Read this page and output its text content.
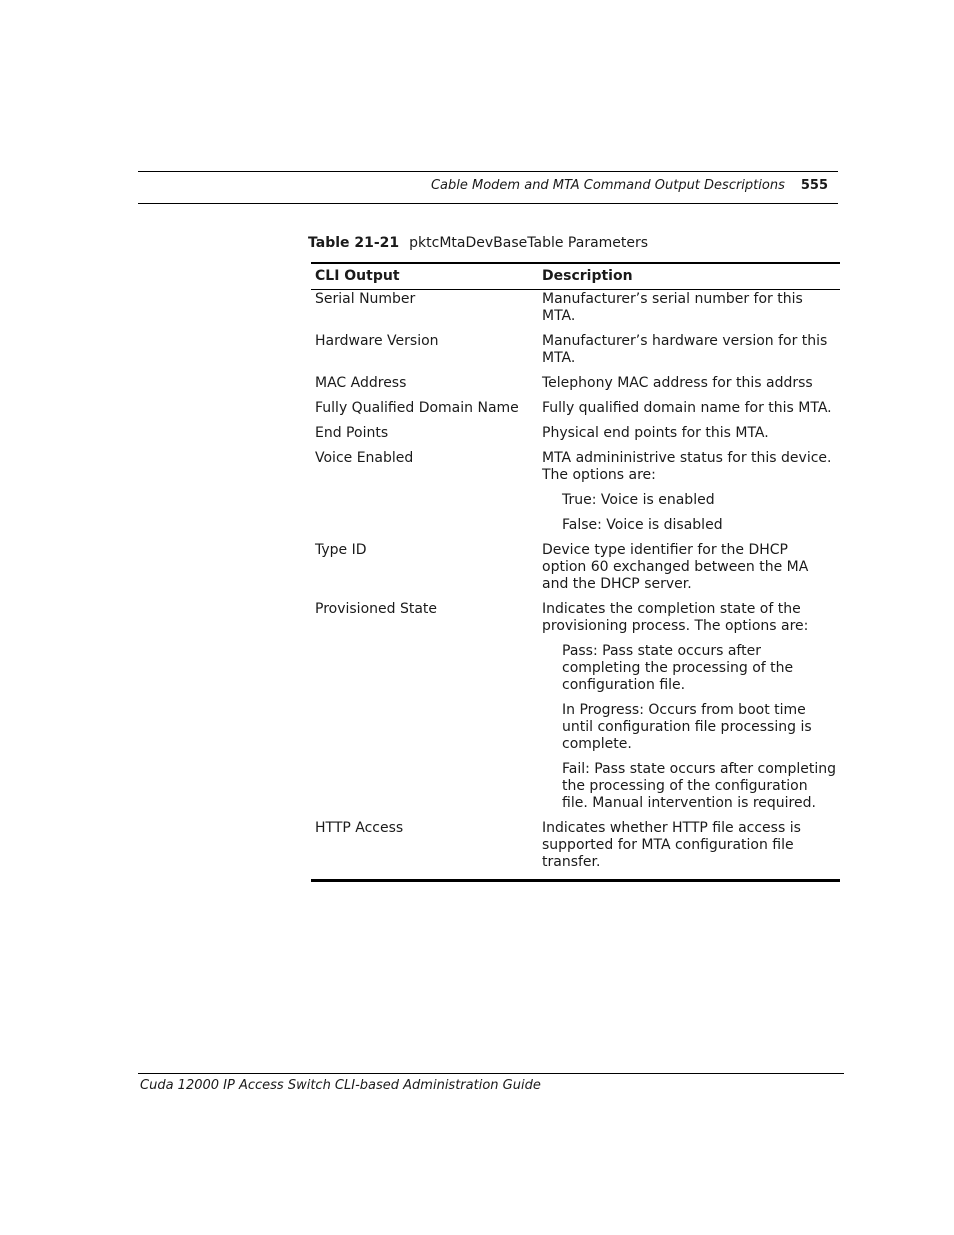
Cable Modem and MTA Command Output Descriptions 555
Table 21-21 pktcMtaDevBaseTable Parameters
CLI Output	Description
Serial Number	Manufacturer’s serial number for this MTA.

Hardware Version	Manufacturer’s hardware version for this MTA.

MAC Address	Telephony MAC address for this addrss

Fully Qualified Domain Name	Fully qualified domain name for this MTA.

End Points	Physical end points for this MTA.

Voice Enabled	MTA admininistrive status for this device. The options are:
True: Voice is enabled
False: Voice is disabled

Type ID	Device type identifier for the DHCP option 60 exchanged between the MA and the DHCP server.

Provisioned State	Indicates the completion state of the provisioning process. The options are:
Pass: Pass state occurs after completing the processing of the configuration file.
In Progress: Occurs from boot time until configuration file processing is complete.
Fail: Pass state occurs after completing the processing of the configuration file. Manual intervention is required.

HTTP Access	Indicates whether HTTP file access is supported for MTA configuration file transfer.
Cuda 12000 IP Access Switch CLI-based Administration Guide
